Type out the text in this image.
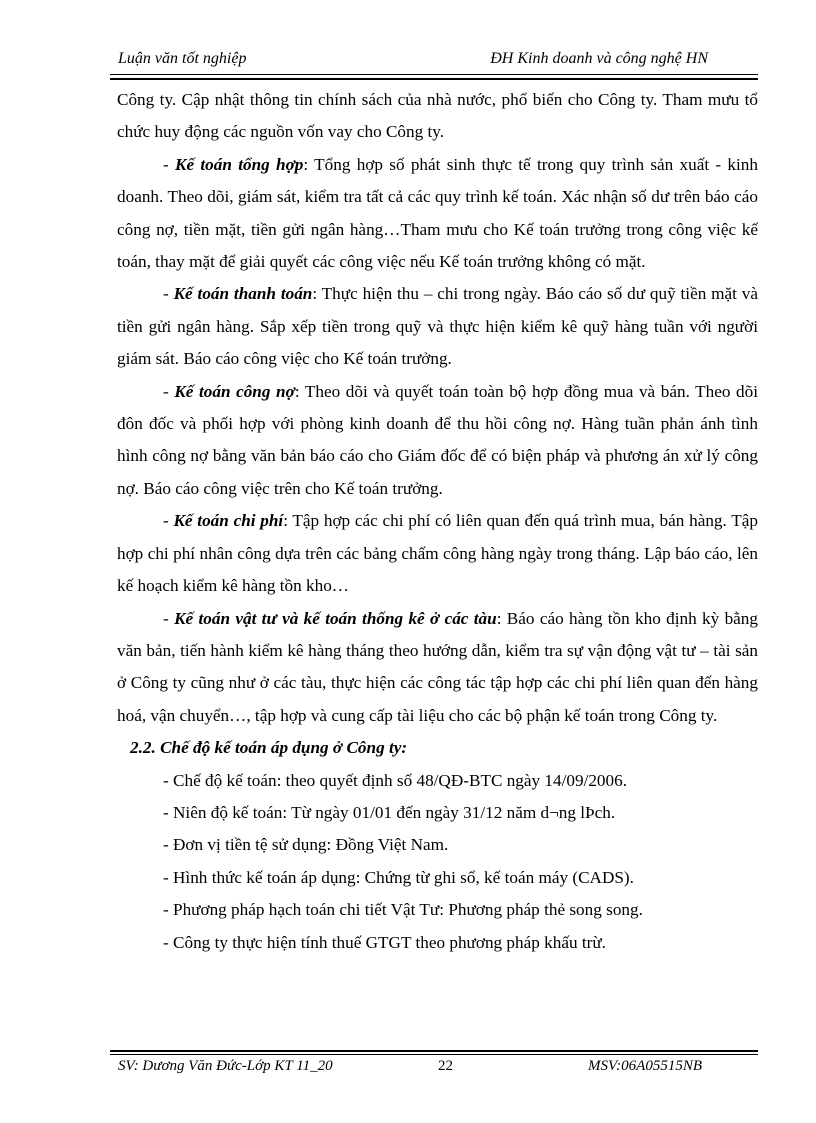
Luận văn tốt nghiệp	ĐH Kinh doanh và công nghệ HN

Công ty. Cập nhật thông tin chính sách của nhà nước, phổ biến cho Công ty. Tham mưu tổ chức huy động các nguồn vốn vay cho Công ty.

- Kế toán tổng hợp: Tổng hợp số phát sinh thực tế trong quy trình sản xuất - kinh doanh. Theo dõi, giám sát, kiểm tra tất cả các quy trình kế toán. Xác nhận số dư trên báo cáo công nợ, tiền mặt, tiền gửi ngân hàng…Tham mưu cho Kế toán trưởng trong công việc kế toán, thay mặt để giải quyết các công việc nếu Kế toán trưởng không có mặt.

- Kế toán thanh toán: Thực hiện thu – chi trong ngày. Báo cáo số dư quỹ tiền mặt và tiền gửi ngân hàng. Sắp xếp tiền trong quỹ và thực hiện kiểm kê quỹ hàng tuần với người giám sát. Báo cáo công việc cho Kế toán trưởng.

- Kế toán công nợ: Theo dõi và quyết toán toàn bộ hợp đồng mua và bán. Theo dõi đôn đốc và phối hợp với phòng kinh doanh để thu hồi công nợ. Hàng tuần phản ánh tình hình công nợ bằng văn bản báo cáo cho Giám đốc để có biện pháp và phương án xử lý công nợ. Báo cáo công việc trên cho Kế toán trưởng.

- Kế toán chi phí: Tập hợp các chi phí có liên quan đến quá trình mua, bán hàng. Tập hợp chi phí nhân công dựa trên các bảng chấm công hàng ngày trong tháng. Lập báo cáo, lên kế hoạch kiểm kê hàng tồn kho…

- Kế toán vật tư và kế toán thống kê ở các tàu: Báo cáo hàng tồn kho định kỳ bằng văn bản, tiến hành kiểm kê hàng tháng theo hướng dẫn, kiểm tra sự vận động vật tư – tài sản ở Công ty cũng như ở các tàu, thực hiện các công tác tập hợp các chi phí liên quan đến hàng hoá, vận chuyển…, tập hợp và cung cấp tài liệu cho các bộ phận kế toán trong Công ty.

2.2. Chế độ kế toán áp dụng ở Công ty:

- Chế độ kế toán: theo quyết định số 48/QĐ-BTC ngày 14/09/2006.

- Niên độ kế toán: Từ ngày 01/01 đến ngày 31/12 năm d¬ng lÞch.

- Đơn vị tiền tệ sử dụng: Đồng Việt Nam.

- Hình thức kế toán áp dụng: Chứng từ ghi sổ, kế toán máy (CADS).

- Phương pháp hạch toán chi tiết Vật Tư: Phương pháp thẻ song song.

- Công ty thực hiện tính thuế GTGT theo phương pháp khấu trừ.

SV: Dương Văn Đức-Lớp KT 11_20	22	MSV:06A05515NB
